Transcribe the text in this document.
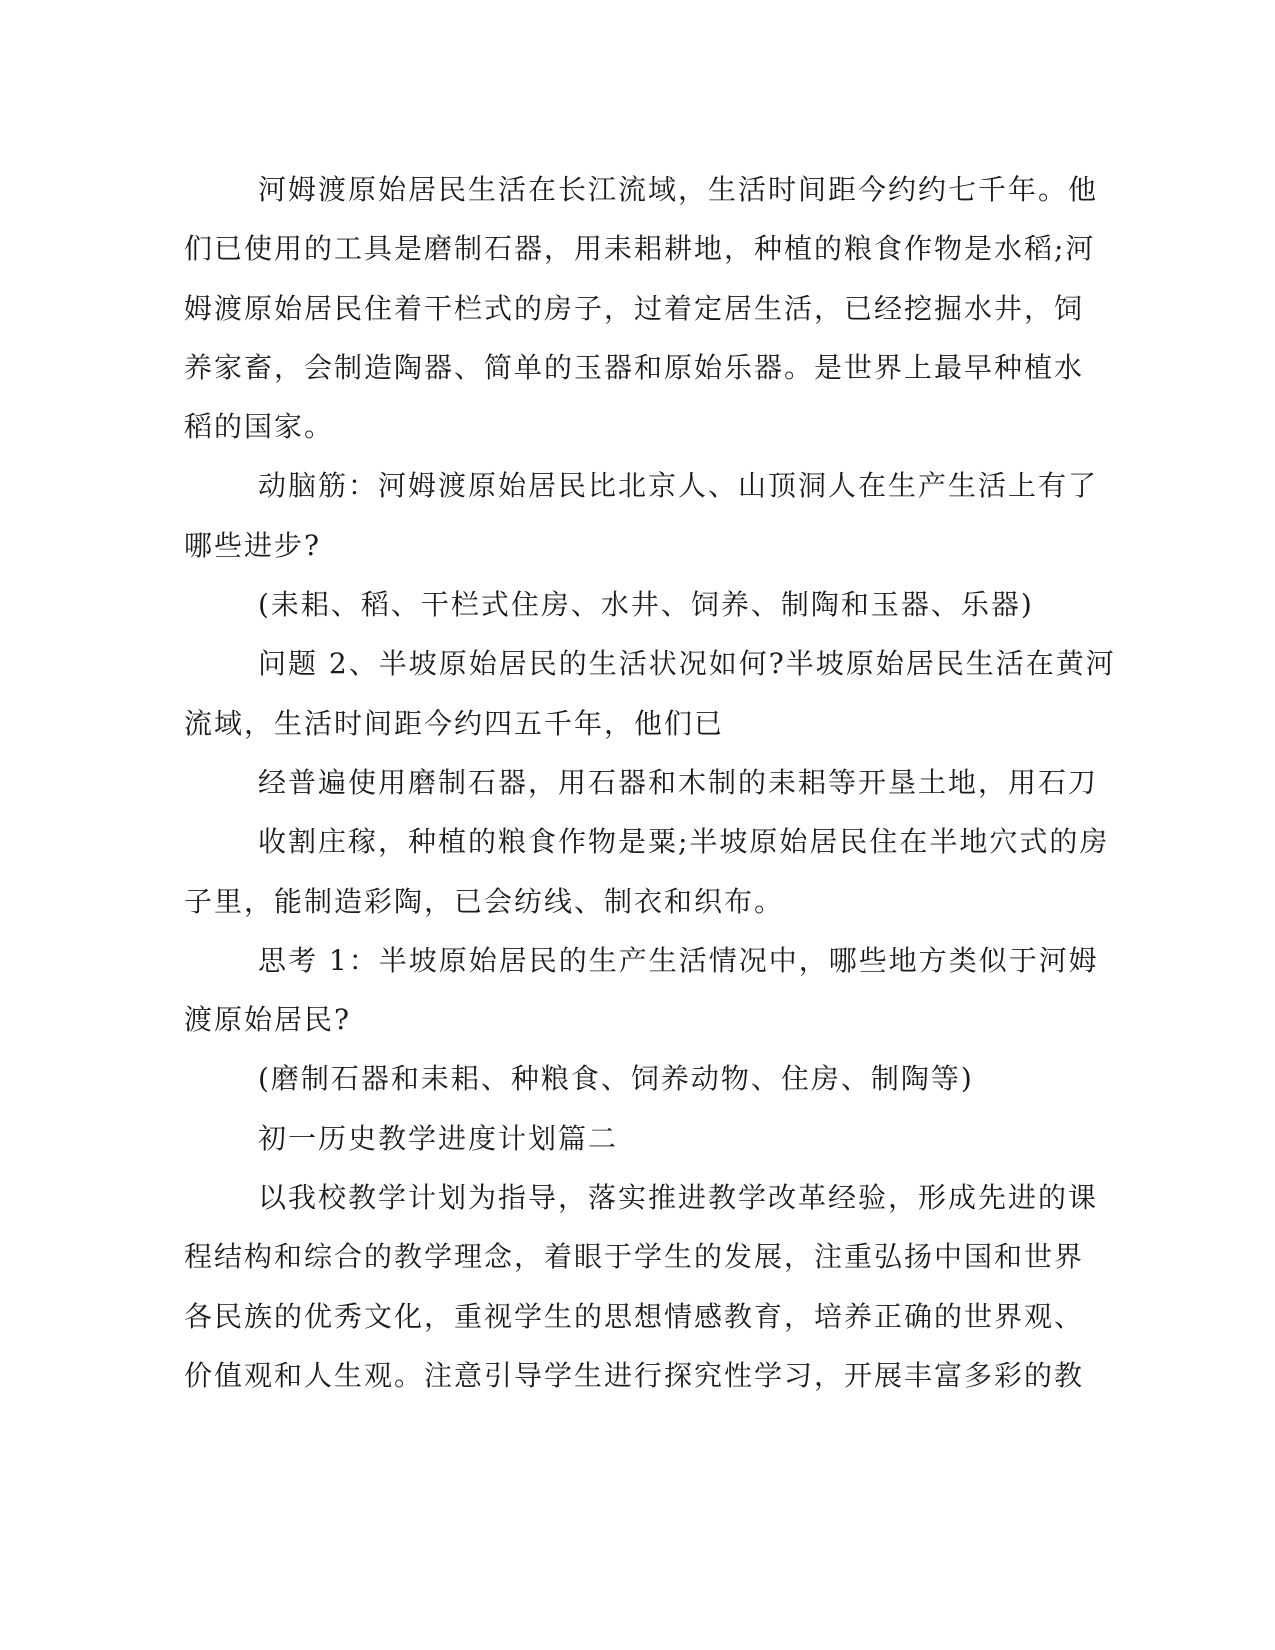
河姆渡原始居民生活在长江流域，生活时间距今约约七千年。他
们已使用的工具是磨制石器，用耒耜耕地，种植的粮食作物是水稻;河
姆渡原始居民住着干栏式的房子，过着定居生活，已经挖掘水井，饲
养家畜，会制造陶器、简单的玉器和原始乐器。是世界上最早种植水
稻的国家。
动脑筋：河姆渡原始居民比北京人、山顶洞人在生产生活上有了
哪些进步?
(耒耜、稻、干栏式住房、水井、饲养、制陶和玉器、乐器)
问题 2、半坡原始居民的生活状况如何?半坡原始居民生活在黄河
流域，生活时间距今约四五千年，他们已
经普遍使用磨制石器，用石器和木制的耒耜等开垦土地，用石刀
收割庄稼，种植的粮食作物是粟;半坡原始居民住在半地穴式的房
子里，能制造彩陶，已会纺线、制衣和织布。
思考 1：半坡原始居民的生产生活情况中，哪些地方类似于河姆
渡原始居民?
(磨制石器和耒耜、种粮食、饲养动物、住房、制陶等)
初一历史教学进度计划篇二
以我校教学计划为指导，落实推进教学改革经验，形成先进的课
程结构和综合的教学理念，着眼于学生的发展，注重弘扬中国和世界
各民族的优秀文化，重视学生的思想情感教育，培养正确的世界观、
价值观和人生观。注意引导学生进行探究性学习，开展丰富多彩的教
